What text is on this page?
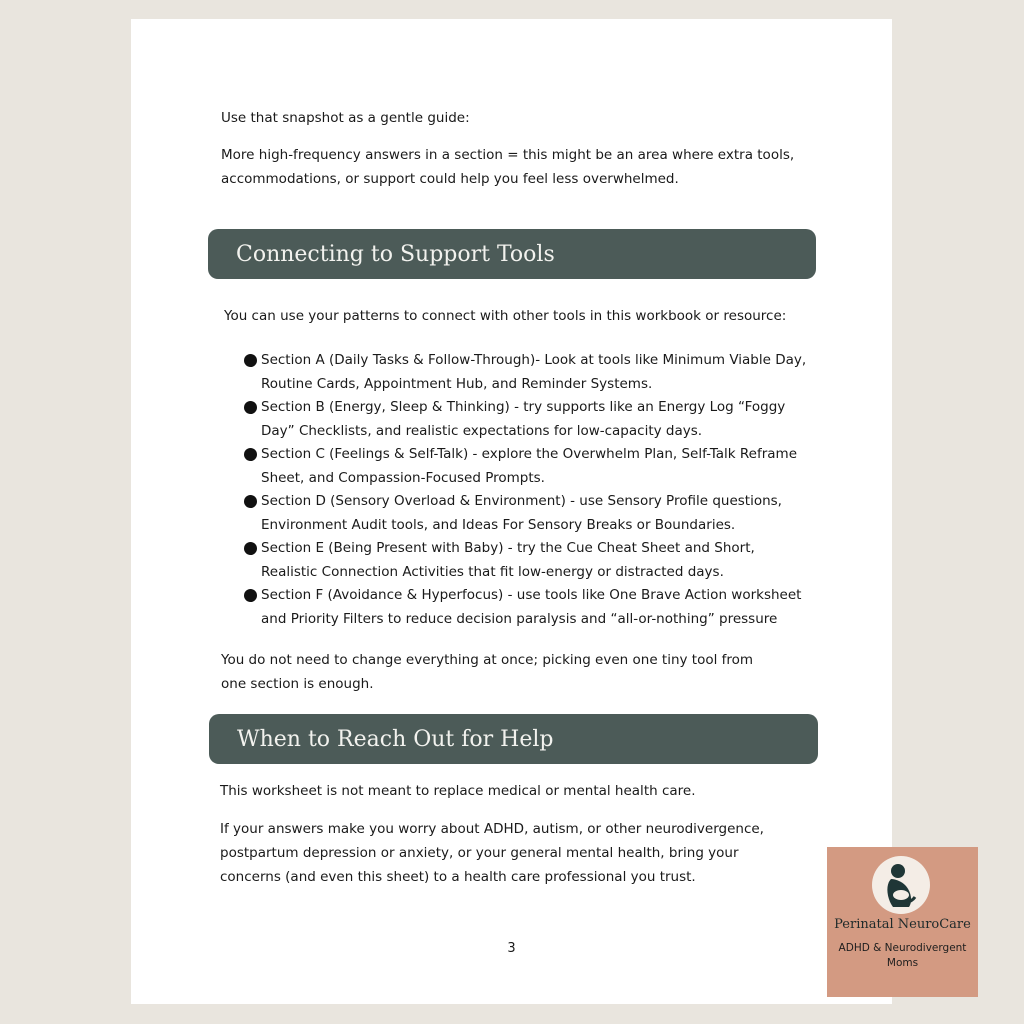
Use that snapshot as a gentle guide:

More high-frequency answers in a section = this might be an area where extra tools, accommodations, or support could help you feel less overwhelmed.

Connecting to Support Tools

You can use your patterns to connect with other tools in this workbook or resource:

Section A (Daily Tasks & Follow-Through)- Look at tools like Minimum Viable Day, Routine Cards, Appointment Hub, and Reminder Systems.
Section B (Energy, Sleep & Thinking) - try supports like an Energy Log “Foggy Day” Checklists, and realistic expectations for low-capacity days.
Section C (Feelings & Self-Talk) - explore the Overwhelm Plan, Self-Talk Reframe Sheet, and Compassion-Focused Prompts.
Section D (Sensory Overload & Environment) - use Sensory Profile questions, Environment Audit tools, and Ideas For Sensory Breaks or Boundaries.
Section E (Being Present with Baby) - try the Cue Cheat Sheet and Short, Realistic Connection Activities that fit low-energy or distracted days.
Section F (Avoidance & Hyperfocus) - use tools like One Brave Action worksheet and Priority Filters to reduce decision paralysis and “all-or-nothing” pressure

You do not need to change everything at once; picking even one tiny tool from one section is enough.

When to Reach Out for Help

This worksheet is not meant to replace medical or mental health care.

If your answers make you worry about ADHD, autism, or other neurodivergence, postpartum depression or anxiety, or your general mental health, bring your concerns (and even this sheet) to a health care professional you trust.

3
Perinatal NeuroCare
ADHD & Neurodivergent Moms
